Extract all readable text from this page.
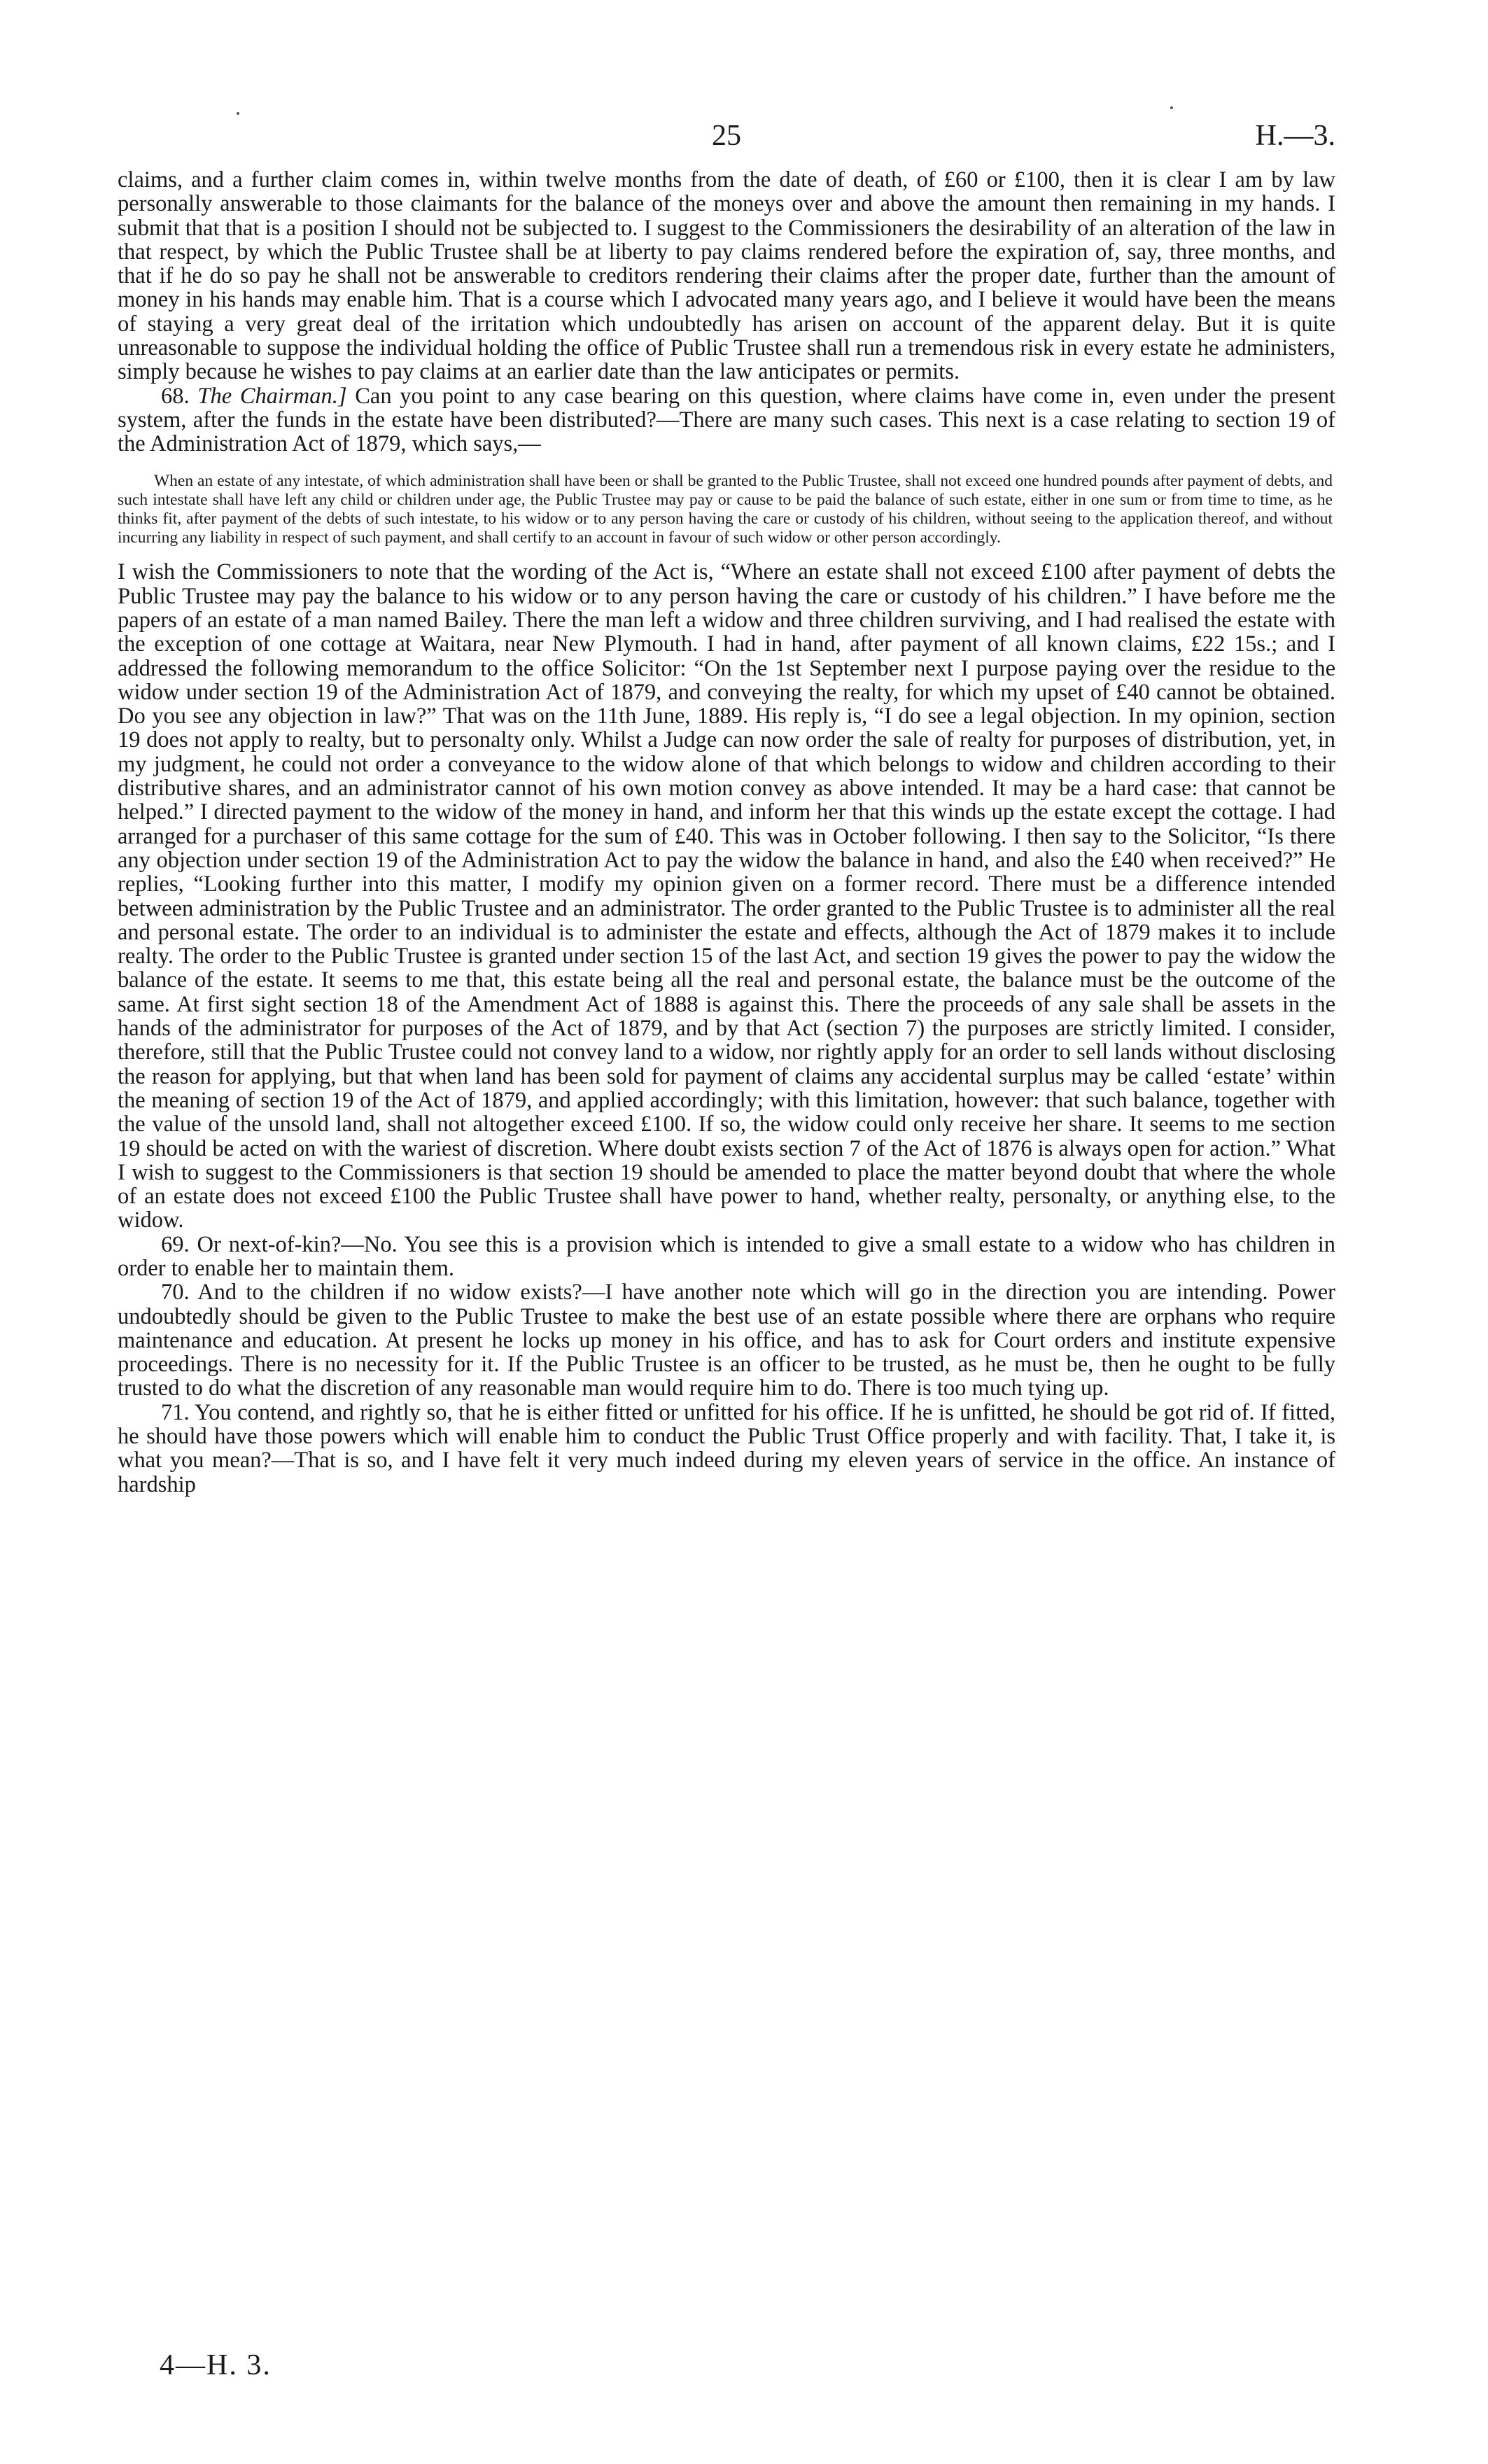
25	H.—3.

claims, and a further claim comes in, within twelve months from the date of death, of £60 or £100, then it is clear I am by law personally answerable to those claimants for the balance of the moneys over and above the amount then remaining in my hands. I submit that that is a position I should not be subjected to. I suggest to the Commissioners the desirability of an alteration of the law in that respect, by which the Public Trustee shall be at liberty to pay claims rendered before the expiration of, say, three months, and that if he do so pay he shall not be answerable to creditors rendering their claims after the proper date, further than the amount of money in his hands may enable him. That is a course which I advocated many years ago, and I believe it would have been the means of staying a very great deal of the irritation which undoubtedly has arisen on account of the apparent delay. But it is quite unreasonable to suppose the individual holding the office of Public Trustee shall run a tremendous risk in every estate he administers, simply because he wishes to pay claims at an earlier date than the law anticipates or permits.

68. The Chairman.] Can you point to any case bearing on this question, where claims have come in, even under the present system, after the funds in the estate have been distributed?—There are many such cases. This next is a case relating to section 19 of the Administration Act of 1879, which says,—

When an estate of any intestate, of which administration shall have been or shall be granted to the Public Trustee, shall not exceed one hundred pounds after payment of debts, and such intestate shall have left any child or children under age, the Public Trustee may pay or cause to be paid the balance of such estate, either in one sum or from time to time, as he thinks fit, after payment of the debts of such intestate, to his widow or to any person having the care or custody of his children, without seeing to the application thereof, and without incurring any liability in respect of such payment, and shall certify to an account in favour of such widow or other person accordingly.

I wish the Commissioners to note that the wording of the Act is, “Where an estate shall not exceed £100 after payment of debts the Public Trustee may pay the balance to his widow or to any person having the care or custody of his children.” I have before me the papers of an estate of a man named Bailey. There the man left a widow and three children surviving, and I had realised the estate with the exception of one cottage at Waitara, near New Plymouth. I had in hand, after payment of all known claims, £22 15s.; and I addressed the following memorandum to the office Solicitor: “On the 1st September next I purpose paying over the residue to the widow under section 19 of the Administration Act of 1879, and conveying the realty, for which my upset of £40 cannot be obtained. Do you see any objection in law?” That was on the 11th June, 1889. His reply is, “I do see a legal objection. In my opinion, section 19 does not apply to realty, but to personalty only. Whilst a Judge can now order the sale of realty for purposes of distribution, yet, in my judgment, he could not order a conveyance to the widow alone of that which belongs to widow and children according to their distributive shares, and an administrator cannot of his own motion convey as above intended. It may be a hard case: that cannot be helped.” I directed payment to the widow of the money in hand, and inform her that this winds up the estate except the cottage. I had arranged for a purchaser of this same cottage for the sum of £40. This was in October following. I then say to the Solicitor, “Is there any objection under section 19 of the Administration Act to pay the widow the balance in hand, and also the £40 when received?” He replies, “Looking further into this matter, I modify my opinion given on a former record. There must be a difference intended between administration by the Public Trustee and an administrator. The order granted to the Public Trustee is to administer all the real and personal estate. The order to an individual is to administer the estate and effects, although the Act of 1879 makes it to include realty. The order to the Public Trustee is granted under section 15 of the last Act, and section 19 gives the power to pay the widow the balance of the estate. It seems to me that, this estate being all the real and personal estate, the balance must be the outcome of the same. At first sight section 18 of the Amendment Act of 1888 is against this. There the proceeds of any sale shall be assets in the hands of the administrator for purposes of the Act of 1879, and by that Act (section 7) the purposes are strictly limited. I consider, therefore, still that the Public Trustee could not convey land to a widow, nor rightly apply for an order to sell lands without disclosing the reason for applying, but that when land has been sold for payment of claims any accidental surplus may be called ‘estate’ within the meaning of section 19 of the Act of 1879, and applied accordingly; with this limitation, however: that such balance, together with the value of the unsold land, shall not altogether exceed £100. If so, the widow could only receive her share. It seems to me section 19 should be acted on with the wariest of discretion. Where doubt exists section 7 of the Act of 1876 is always open for action.” What I wish to suggest to the Commissioners is that section 19 should be amended to place the matter beyond doubt that where the whole of an estate does not exceed £100 the Public Trustee shall have power to hand, whether realty, personalty, or anything else, to the widow.

69. Or next-of-kin?—No. You see this is a provision which is intended to give a small estate to a widow who has children in order to enable her to maintain them.

70. And to the children if no widow exists?—I have another note which will go in the direction you are intending. Power undoubtedly should be given to the Public Trustee to make the best use of an estate possible where there are orphans who require maintenance and education. At present he locks up money in his office, and has to ask for Court orders and institute expensive proceedings. There is no necessity for it. If the Public Trustee is an officer to be trusted, as he must be, then he ought to be fully trusted to do what the discretion of any reasonable man would require him to do. There is too much tying up.

71. You contend, and rightly so, that he is either fitted or unfitted for his office. If he is unfitted, he should be got rid of. If fitted, he should have those powers which will enable him to conduct the Public Trust Office properly and with facility. That, I take it, is what you mean?—That is so, and I have felt it very much indeed during my eleven years of service in the office. An instance of hardship

4—H. 3.
